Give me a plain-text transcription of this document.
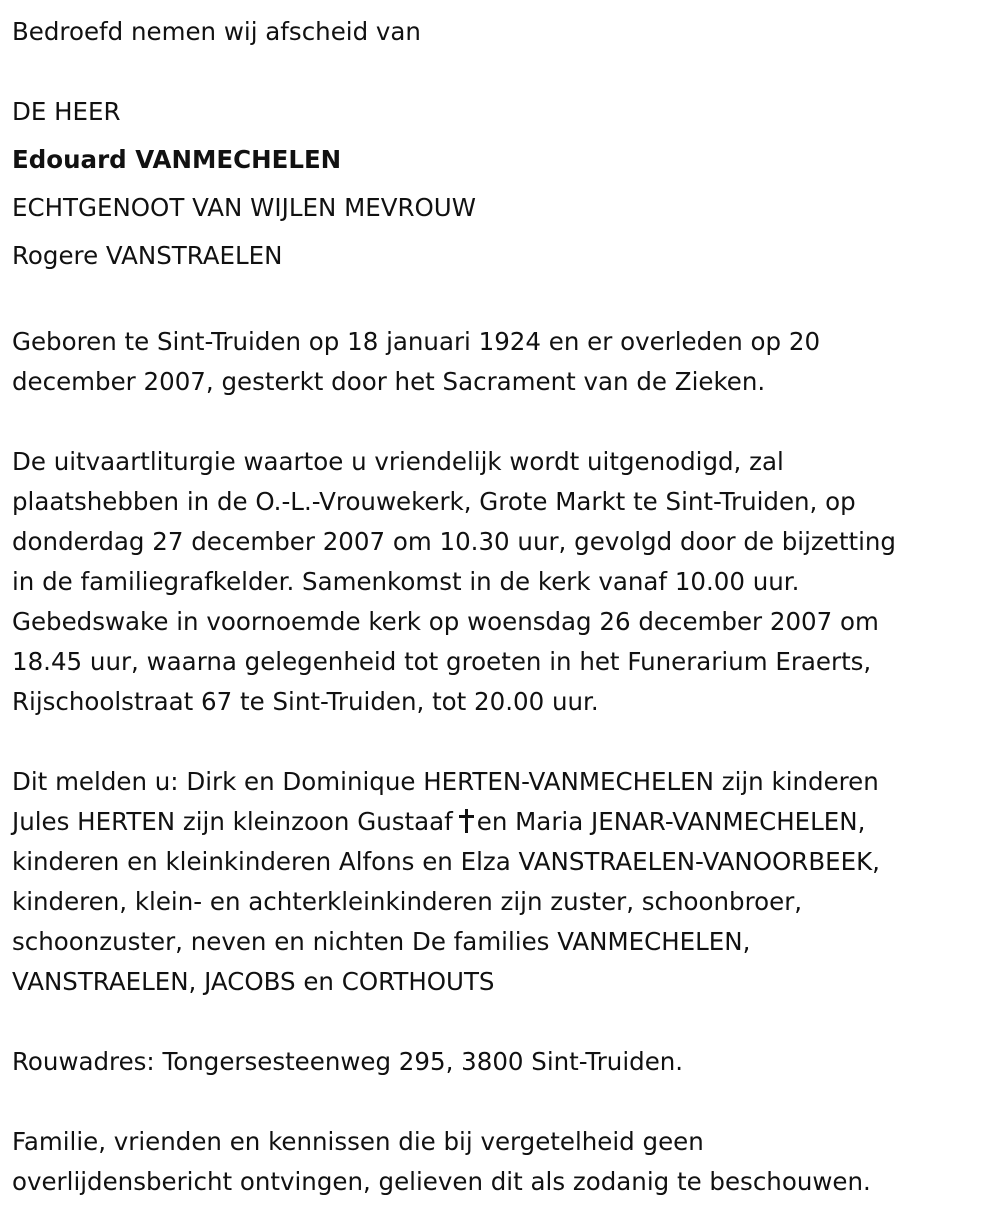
Bedroefd nemen wij afscheid van

DE HEER

Edouard VANMECHELEN

ECHTGENOOT VAN WIJLEN MEVROUW

Rogere VANSTRAELEN

Geboren te Sint-Truiden op 18 januari 1924 en er overleden op 20

december 2007, gesterkt door het Sacrament van de Zieken.

De uitvaartliturgie waartoe u vriendelijk wordt uitgenodigd, zal

plaatshebben in de O.-L.-Vrouwekerk, Grote Markt te Sint-Truiden, op

donderdag 27 december 2007 om 10.30 uur, gevolgd door de bijzetting

in de familiegrafkelder. Samenkomst in de kerk vanaf 10.00 uur.

Gebedswake in voornoemde kerk op woensdag 26 december 2007 om

18.45 uur, waarna gelegenheid tot groeten in het Funerarium Eraerts,

Rijschoolstraat 67 te Sint-Truiden, tot 20.00 uur.

Dit melden u: Dirk en Dominique HERTEN-VANMECHELEN zijn kinderen

Jules HERTEN zijn kleinzoon Gustaaf en Maria JENAR-VANMECHELEN,

kinderen en kleinkinderen Alfons en Elza VANSTRAELEN-VANOORBEEK,

kinderen, klein- en achterkleinkinderen zijn zuster, schoonbroer,

schoonzuster, neven en nichten De families VANMECHELEN,

VANSTRAELEN, JACOBS en CORTHOUTS

Rouwadres: Tongersesteenweg 295, 3800 Sint-Truiden.

Familie, vrienden en kennissen die bij vergetelheid geen

overlijdensbericht ontvingen, gelieven dit als zodanig te beschouwen.
